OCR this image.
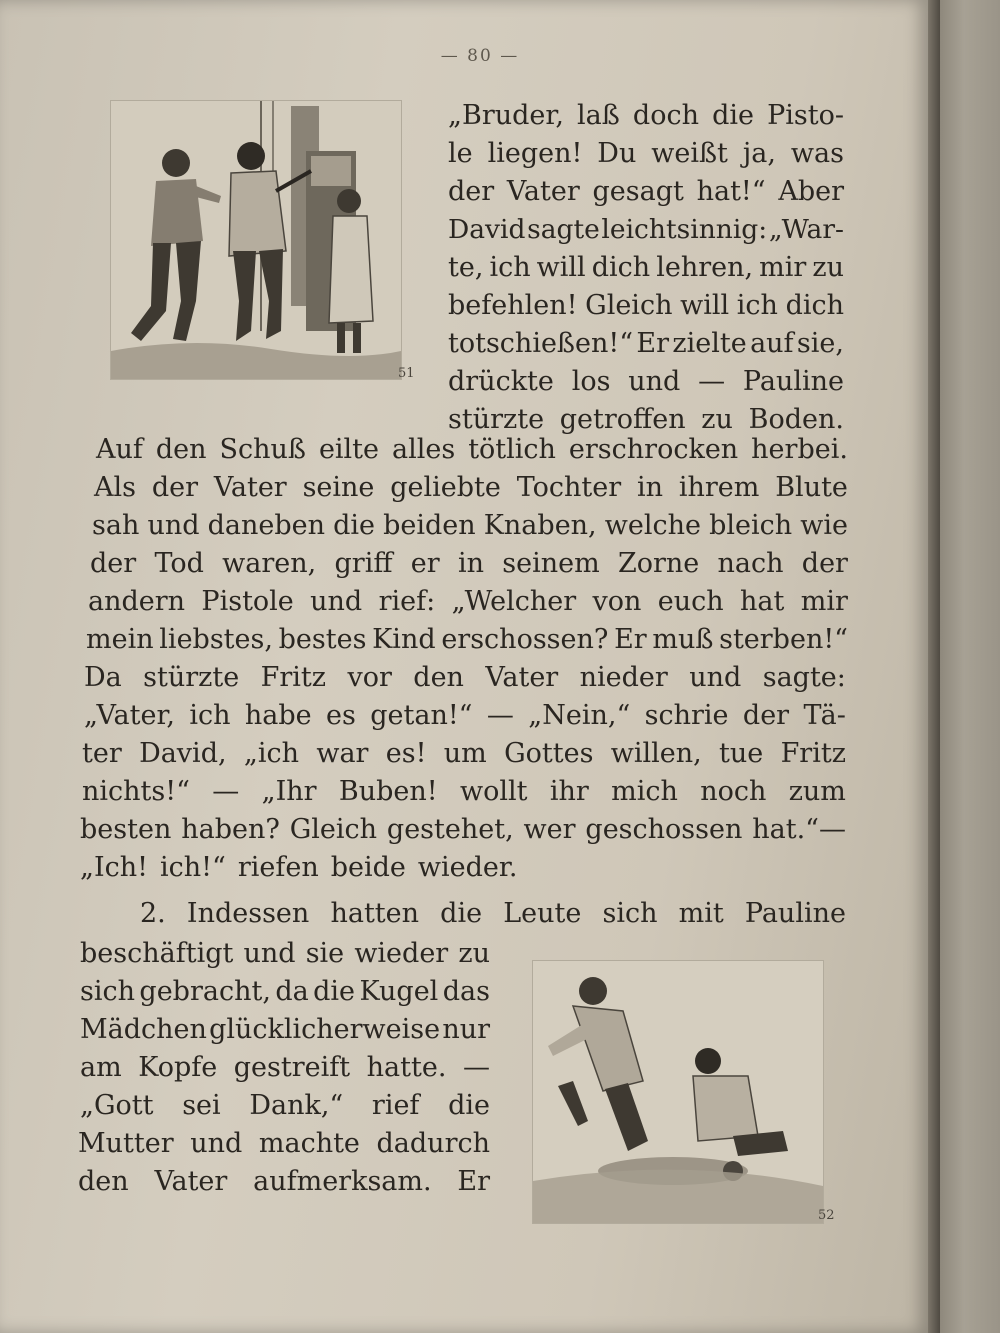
— 80 —
51
52
„Bruder, laß doch die Pisto-
le liegen! Du weißt ja, was
der Vater gesagt hat!“ Aber
David sagte leichtsinnig: „War-
te, ich will dich lehren, mir zu
befehlen! Gleich will ich dich
totschießen!“ Er zielte auf sie,
drückte los und — Pauline
stürzte getroffen zu Boden.
Auf den Schuß eilte alles tötlich erschrocken herbei.
Als der Vater seine geliebte Tochter in ihrem Blute
sah und daneben die beiden Knaben, welche bleich wie
der Tod waren, griff er in seinem Zorne nach der
andern Pistole und rief: „Welcher von euch hat mir
mein liebstes, bestes Kind erschossen? Er muß sterben!“
Da stürzte Fritz vor den Vater nieder und sagte:
„Vater, ich habe es getan!“ — „Nein,“ schrie der Tä-
ter David, „ich war es! um Gottes willen, tue Fritz
nichts!“ — „Ihr Buben! wollt ihr mich noch zum
besten haben? Gleich gestehet, wer geschossen hat.“—
„Ich! ich!“ riefen beide wieder.
2. Indessen hatten die Leute sich mit Pauline
beschäftigt und sie wieder zu
sich gebracht, da die Kugel das
Mädchen glücklicherweise nur
am Kopfe gestreift hatte. —
„Gott sei Dank,“ rief die
Mutter und machte dadurch
den Vater aufmerksam. Er
